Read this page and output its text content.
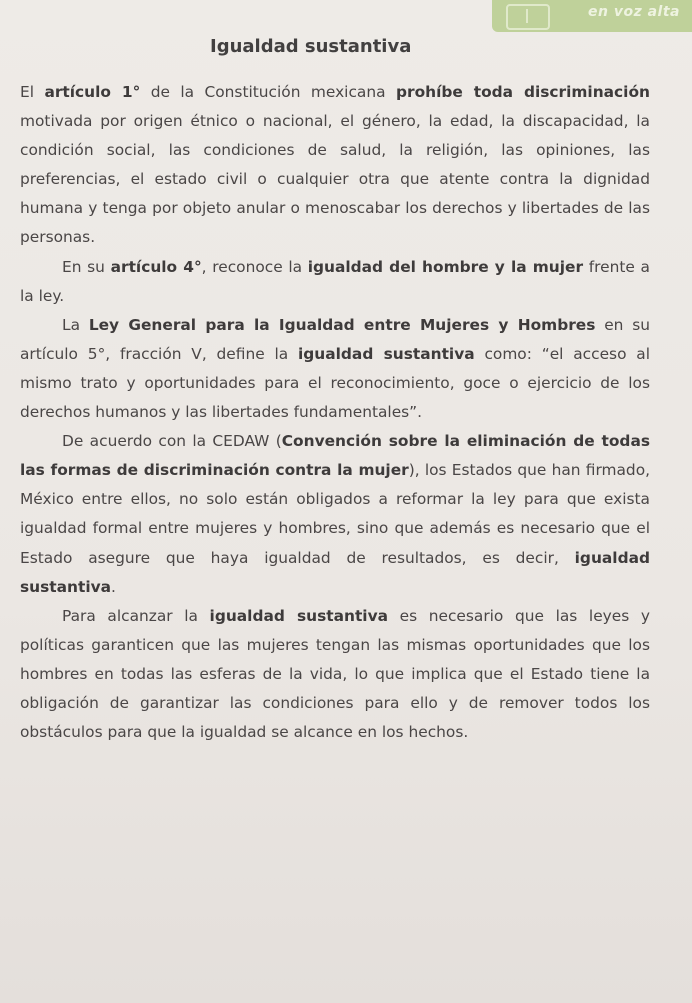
en voz alta
Igualdad sustantiva

El artículo 1° de la Constitución mexicana prohíbe toda discriminación motivada por origen étnico o nacional, el género, la edad, la discapacidad, la condición social, las condiciones de salud, la religión, las opiniones, las preferencias, el estado civil o cualquier otra que atente contra la dignidad humana y tenga por objeto anular o menoscabar los derechos y libertades de las personas.

En su artículo 4°, reconoce la igualdad del hombre y la mujer frente a la ley.

La Ley General para la Igualdad entre Mujeres y Hombres en su artículo 5°, fracción V, define la igualdad sustantiva como: “el acceso al mismo trato y oportunidades para el reconocimiento, goce o ejercicio de los derechos humanos y las libertades fundamentales”.

De acuerdo con la CEDAW (Convención sobre la eliminación de todas las formas de discriminación contra la mujer), los Estados que han firmado, México entre ellos, no solo están obligados a reformar la ley para que exista igualdad formal entre mujeres y hombres, sino que además es necesario que el Estado asegure que haya igualdad de resultados, es decir, igualdad sustantiva.

Para alcanzar la igualdad sustantiva es necesario que las leyes y políticas garanticen que las mujeres tengan las mismas oportunidades que los hombres en todas las esferas de la vida, lo que implica que el Estado tiene la obligación de garantizar las condiciones para ello y de remover todos los obstáculos para que la igualdad se alcance en los hechos.
